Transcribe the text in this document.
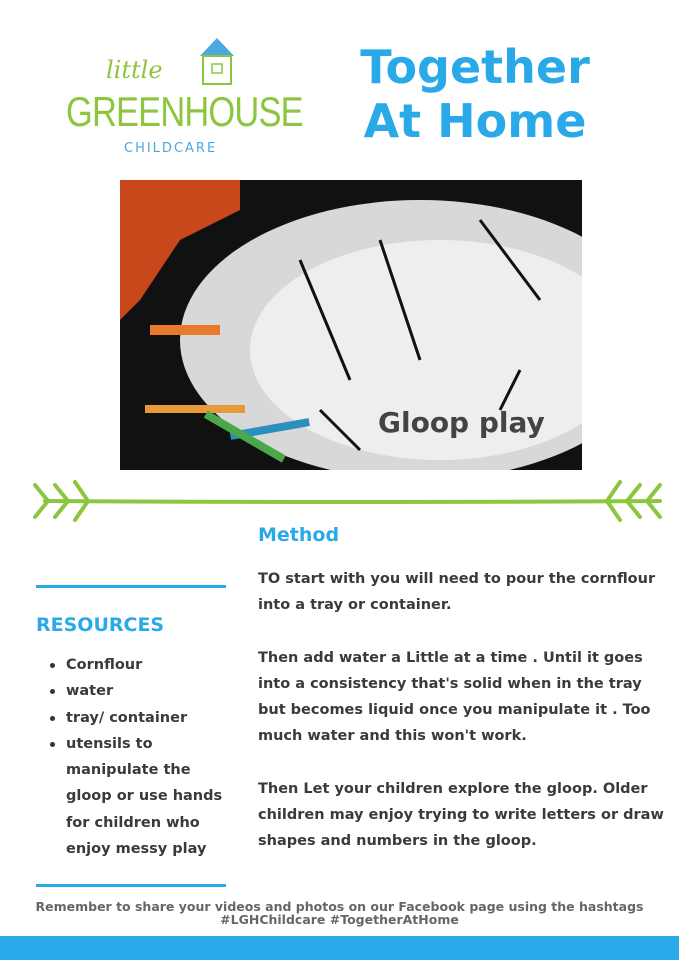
little
GREENHOUSE
CHILDCARE
Together
At Home
Gloop play
Method

TO start with you will need to pour the cornflour into a tray or container.

Then add water a Little at a time . Until it goes into a consistency that's solid when in the tray but becomes liquid once you manipulate it . Too much water and this won't work.

Then Let your children explore the gloop. Older children may enjoy trying to write letters or draw shapes and numbers in the gloop.

RESOURCES
Cornflour
water
tray/ container
utensils to manipulate the gloop or use hands for children who enjoy messy play
Remember to share your videos and photos on our Facebook page using the hashtags
#LGHChildcare #TogetherAtHome
